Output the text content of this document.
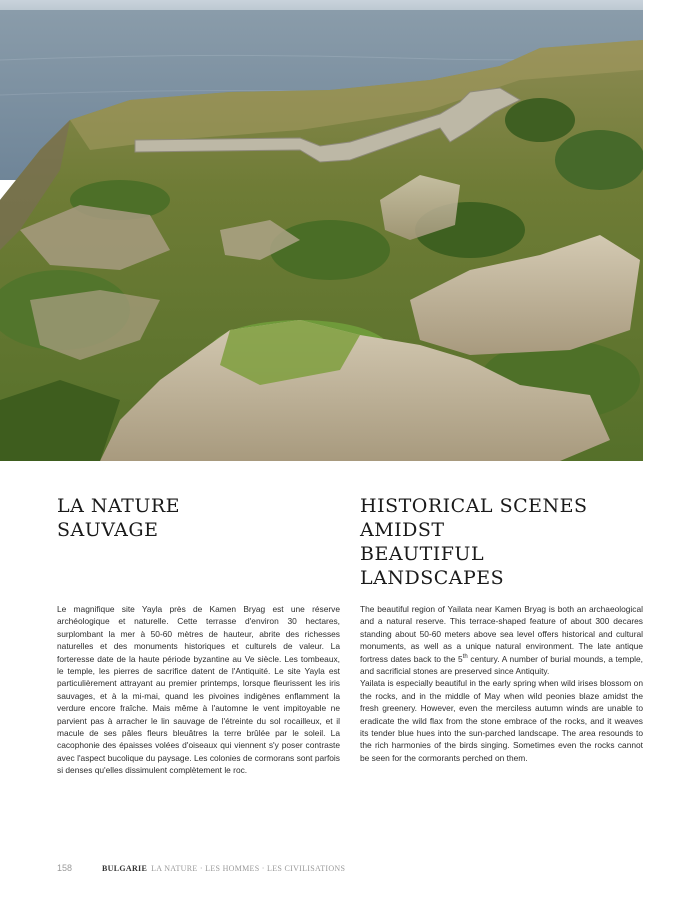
LA NATURE
SAUVAGE
HISTORICAL SCENES
AMIDST
BEAUTIFUL
LANDSCAPES

Le magnifique site Yayla près de Kamen Bryag est une réserve archéologique et naturelle. Cette terrasse d'environ 30 hectares, surplombant la mer à 50-60 mètres de hauteur, abrite des richesses naturelles et des monuments historiques et culturels de valeur. La forteresse date de la haute période byzantine au Ve siècle. Les tombeaux, le temple, les pierres de sacrifice datent de l'Antiquité. Le site Yayla est particulièrement attrayant au premier printemps, lorsque fleurissent les iris sauvages, et à la mi-mai, quand les pivoines indigènes enflamment la verdure encore fraîche. Mais même à l'automne le vent impitoyable ne parvient pas à arracher le lin sauvage de l'étreinte du sol rocailleux, et il macule de ses pâles fleurs bleuâtres la terre brûlée par le soleil. La cacophonie des épaisses volées d'oiseaux qui viennent s'y poser contraste avec l'aspect bucolique du paysage. Les colonies de cormorans sont parfois si denses qu'elles dissimulent complètement le roc.

The beautiful region of Yailata near Kamen Bryag is both an archaeological and a natural reserve. This terrace-shaped feature of about 300 decares standing about 50-60 meters above sea level offers historical and cultural monuments, as well as a unique natural environment. The late antique fortress dates back to the 5th century. A number of burial mounds, a temple, and sacrificial stones are preserved since Antiquity.

Yailata is especially beautiful in the early spring when wild irises blossom on the rocks, and in the middle of May when wild peonies blaze amidst the fresh greenery. However, even the merciless autumn winds are unable to eradicate the wild flax from the stone embrace of the rocks, and it weaves its tender blue hues into the sun-parched landscape. The area resounds to the rich harmonies of the birds singing. Sometimes even the rocks cannot be seen for the cormorants perched on them.

158	BULGARIE LA NATURE · LES HOMMES · LES CIVILISATIONS
